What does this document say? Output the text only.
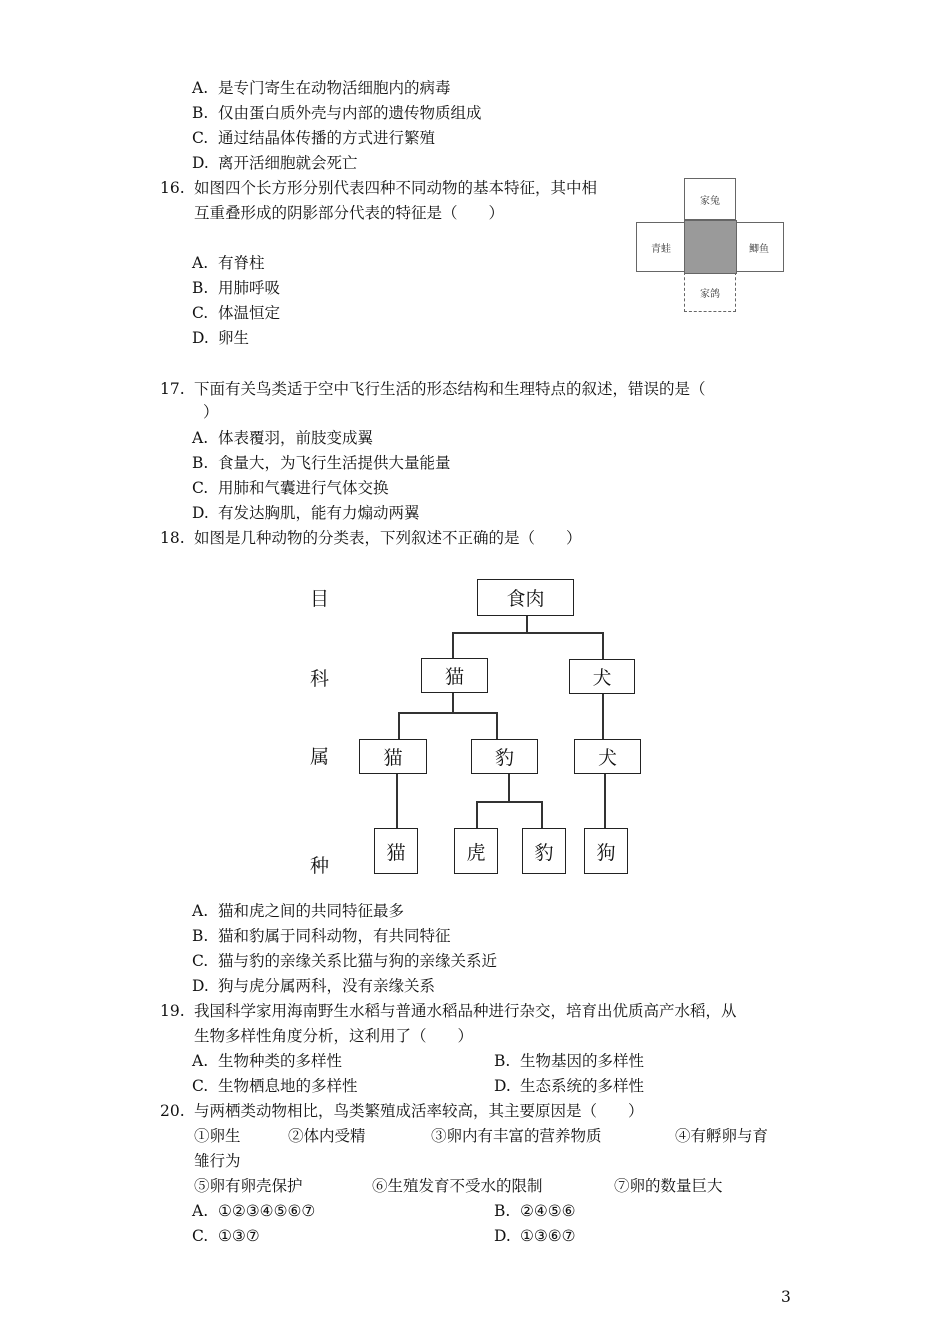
A. 是专门寄生在动物活细胞内的病毒
B. 仅由蛋白质外壳与内部的遗传物质组成
C. 通过结晶体传播的方式进行繁殖
D. 离开活细胞就会死亡
16. 如图四个长方形分别代表四种不同动物的基本特征，其中相
互重叠形成的阴影部分代表的特征是（　　）
A. 有脊柱
B. 用肺呼吸
C. 体温恒定
D. 卵生
家兔
青蛙	鲫鱼
家鸽
17. 下面有关鸟类适于空中飞行生活的形态结构和生理特点的叙述，错误的是（
）
A. 体表覆羽，前肢变成翼
B. 食量大，为飞行生活提供大量能量
C. 用肺和气囊进行气体交换
D. 有发达胸肌，能有力煽动两翼
18. 如图是几种动物的分类表，下列叙述不正确的是（　　）
目
科
属
种
食肉
猫	犬
猫	豹	犬
猫	虎	豹	狗
A. 猫和虎之间的共同特征最多
B. 猫和豹属于同科动物，有共同特征
C. 猫与豹的亲缘关系比猫与狗的亲缘关系近
D. 狗与虎分属两科，没有亲缘关系
19. 我国科学家用海南野生水稻与普通水稻品种进行杂交，培育出优质高产水稻，从
生物多样性角度分析，这利用了（　　）
A. 生物种类的多样性	B. 生物基因的多样性
C. 生物栖息地的多样性	D. 生态系统的多样性
20. 与两栖类动物相比，鸟类繁殖成活率较高，其主要原因是（　　）
①卵生	②体内受精	③卵内有丰富的营养物质	④有孵卵与育
雏行为
⑤卵有卵壳保护	⑥生殖发育不受水的限制	⑦卵的数量巨大
A. ①②③④⑤⑥⑦	B. ②④⑤⑥
C. ①③⑦	D. ①③⑥⑦
3
